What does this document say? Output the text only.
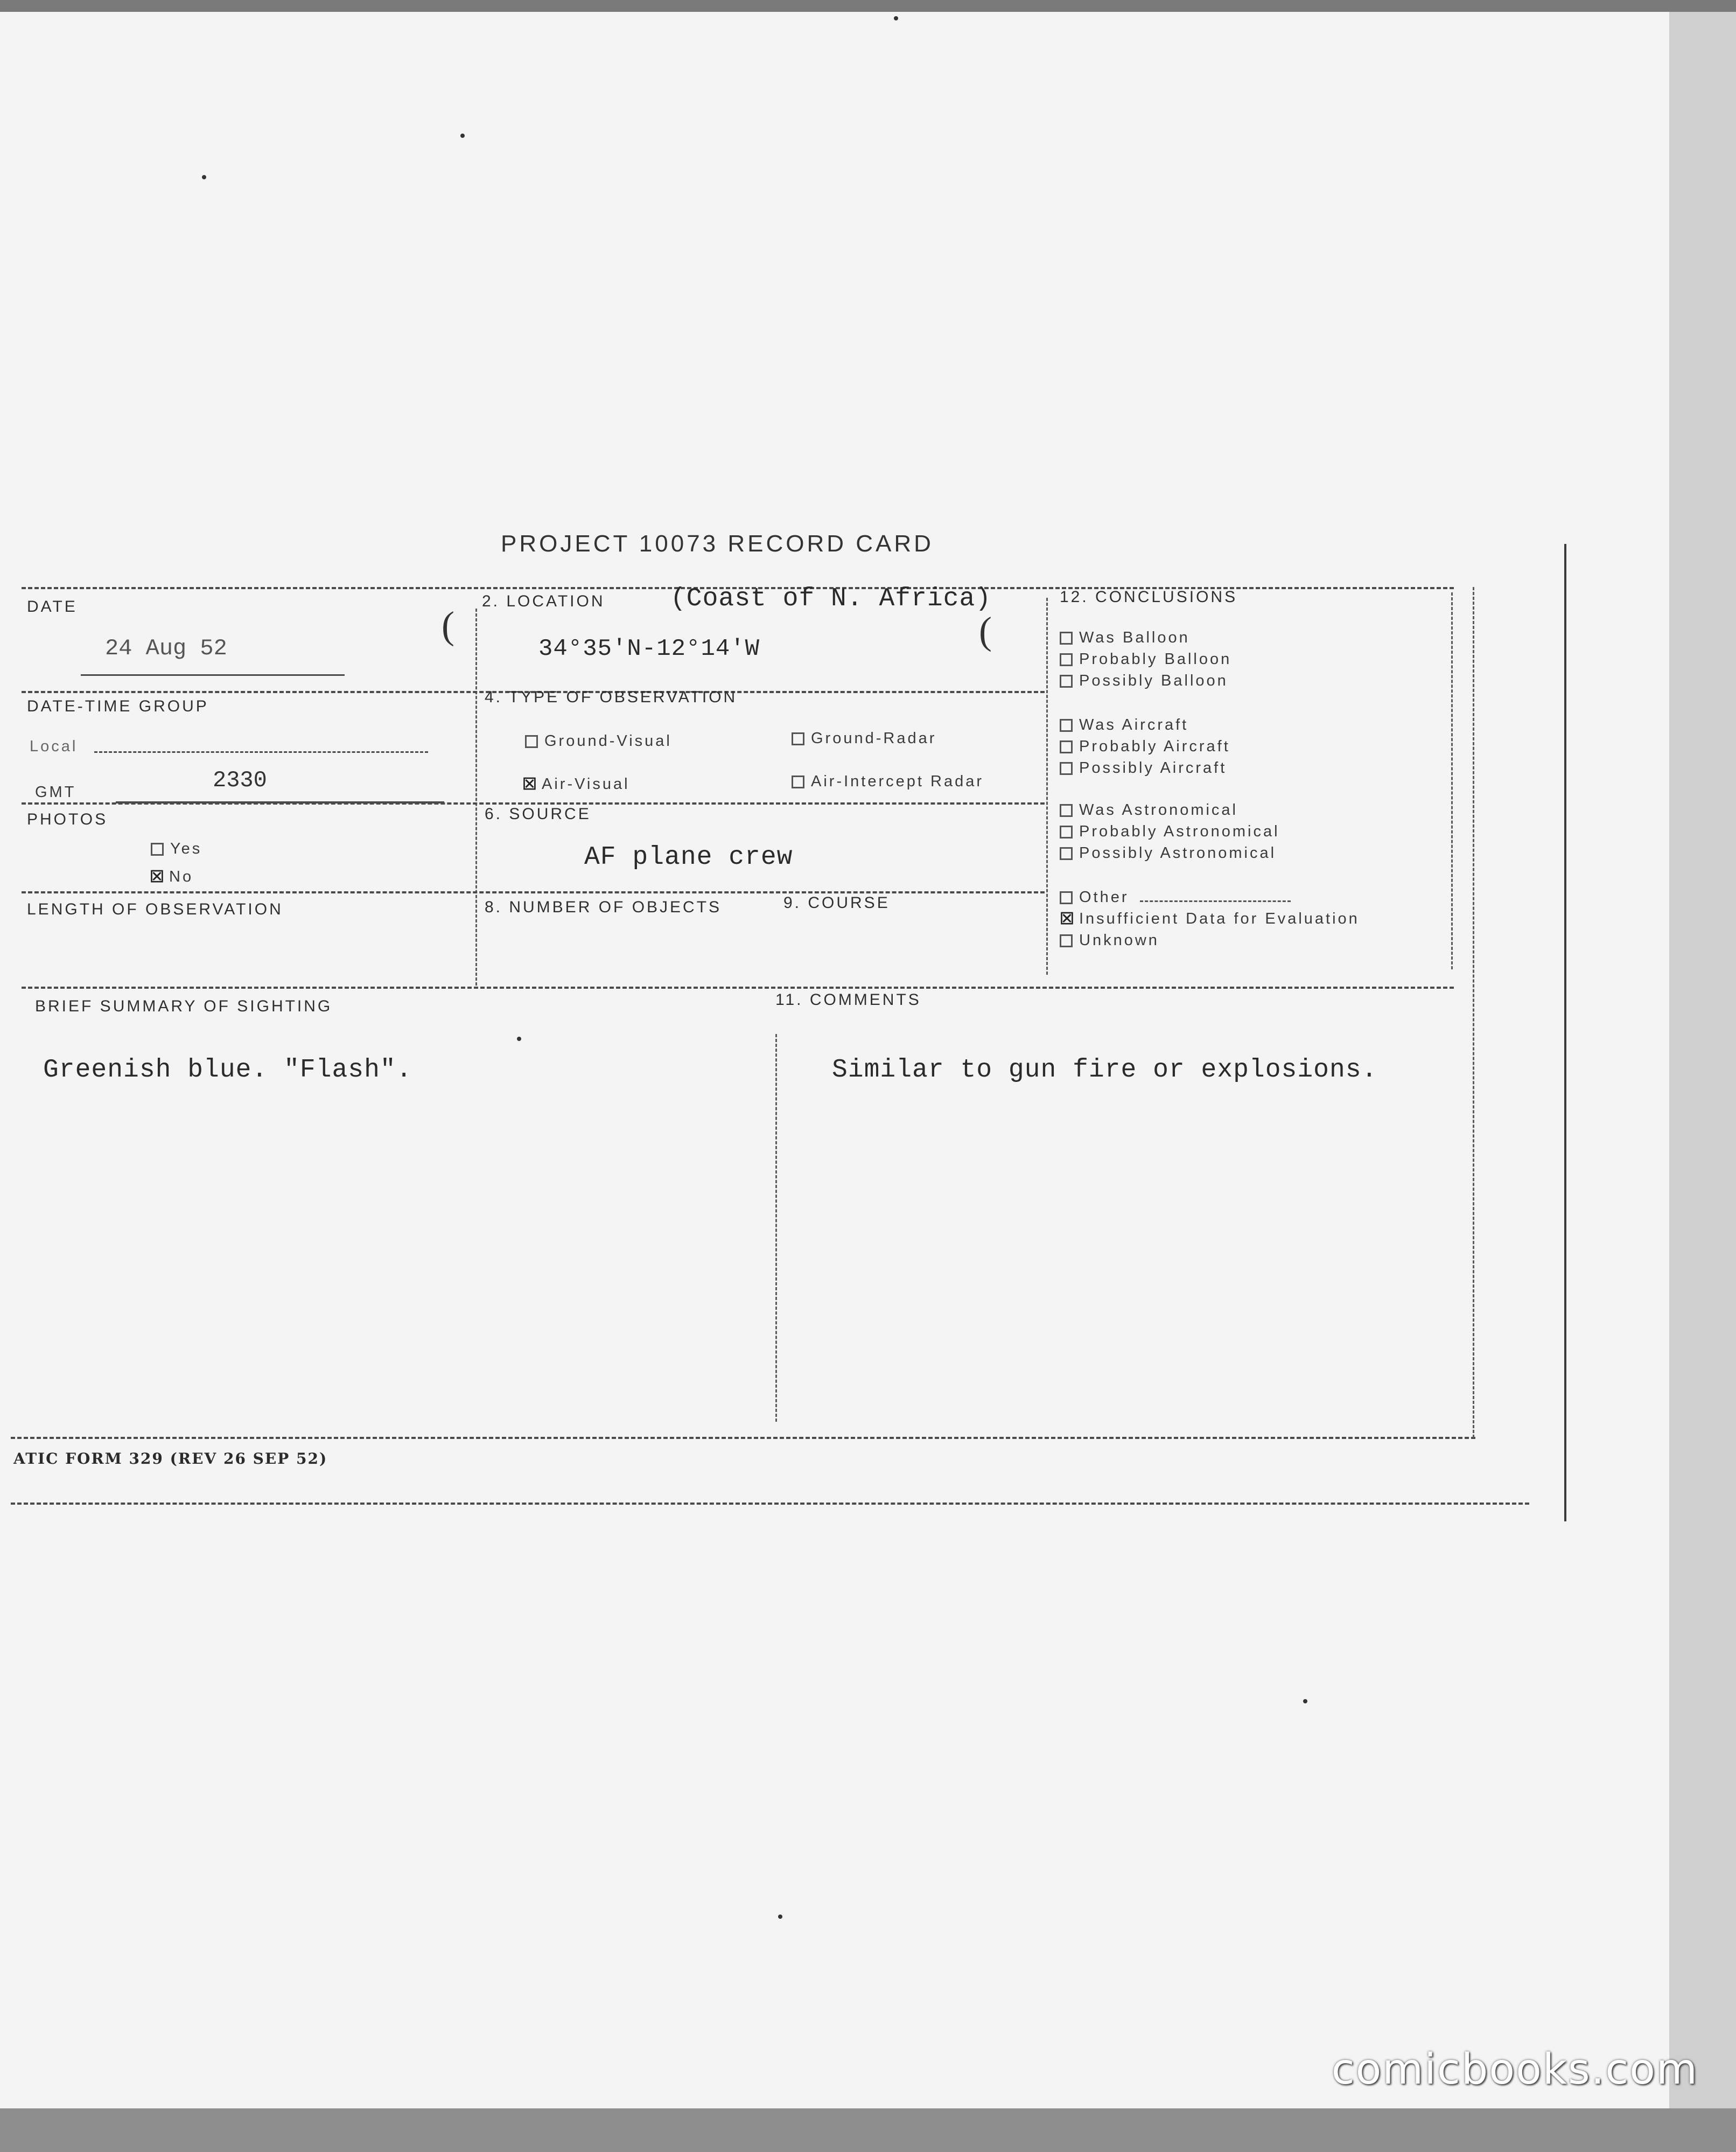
PROJECT 10073 RECORD CARD
DATE
24 Aug 52
(
2. LOCATION	(Coast of N. Africa)
34°35'N-12°14'W	(
12. CONCLUSIONS
Was Balloon
Probably Balloon
Possibly Balloon
Was Aircraft
Probably Aircraft
Possibly Aircraft
Was Astronomical
Probably Astronomical
Possibly Astronomical
Other
☒ Insufficient Data for Evaluation
Unknown
DATE-TIME GROUP
Local
GMT	2330
4. TYPE OF OBSERVATION
Ground-Visual	Ground-Radar
☒ Air-Visual	Air-Intercept Radar
PHOTOS
Yes
☒ No
6. SOURCE
AF plane crew
LENGTH OF OBSERVATION	8. NUMBER OF OBJECTS	9. COURSE
BRIEF SUMMARY OF SIGHTING	11. COMMENTS
Greenish blue. "Flash".	Similar to gun fire or explosions.
ATIC FORM 329 (REV 26 SEP 52)
comicbooks.com
